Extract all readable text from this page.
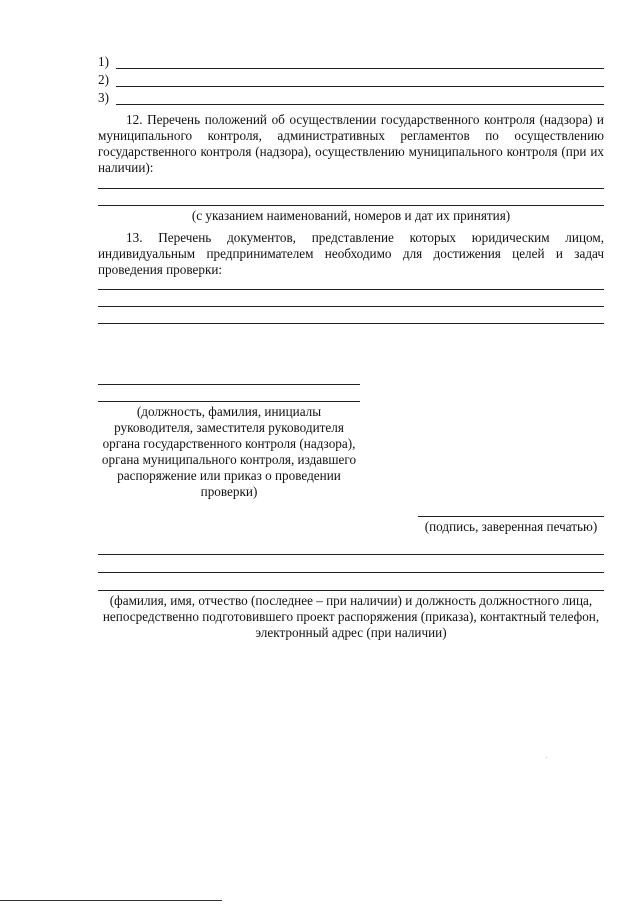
1)
2)
3)
12. Перечень положений об осуществлении государственного контроля (надзора) и муниципального контроля, административных регламентов по осуществлению государственного контроля (надзора), осуществлению муниципального контроля (при их наличии):
(с указанием наименований, номеров и дат их принятия)
13. Перечень документов, представление которых юридическим лицом, индивидуальным предпринимателем необходимо для достижения целей и задач проведения проверки:
(должность, фамилия, инициалы руководителя, заместителя руководителя органа государственного контроля (надзора), органа муниципального контроля, издавшего распоряжение или приказ о проведении проверки)
(подпись, заверенная печатью)
(фамилия, имя, отчество (последнее – при наличии) и должность должностного лица, непосредственно подготовившего проект распоряжения (приказа), контактный телефон, электронный адрес (при наличии)
